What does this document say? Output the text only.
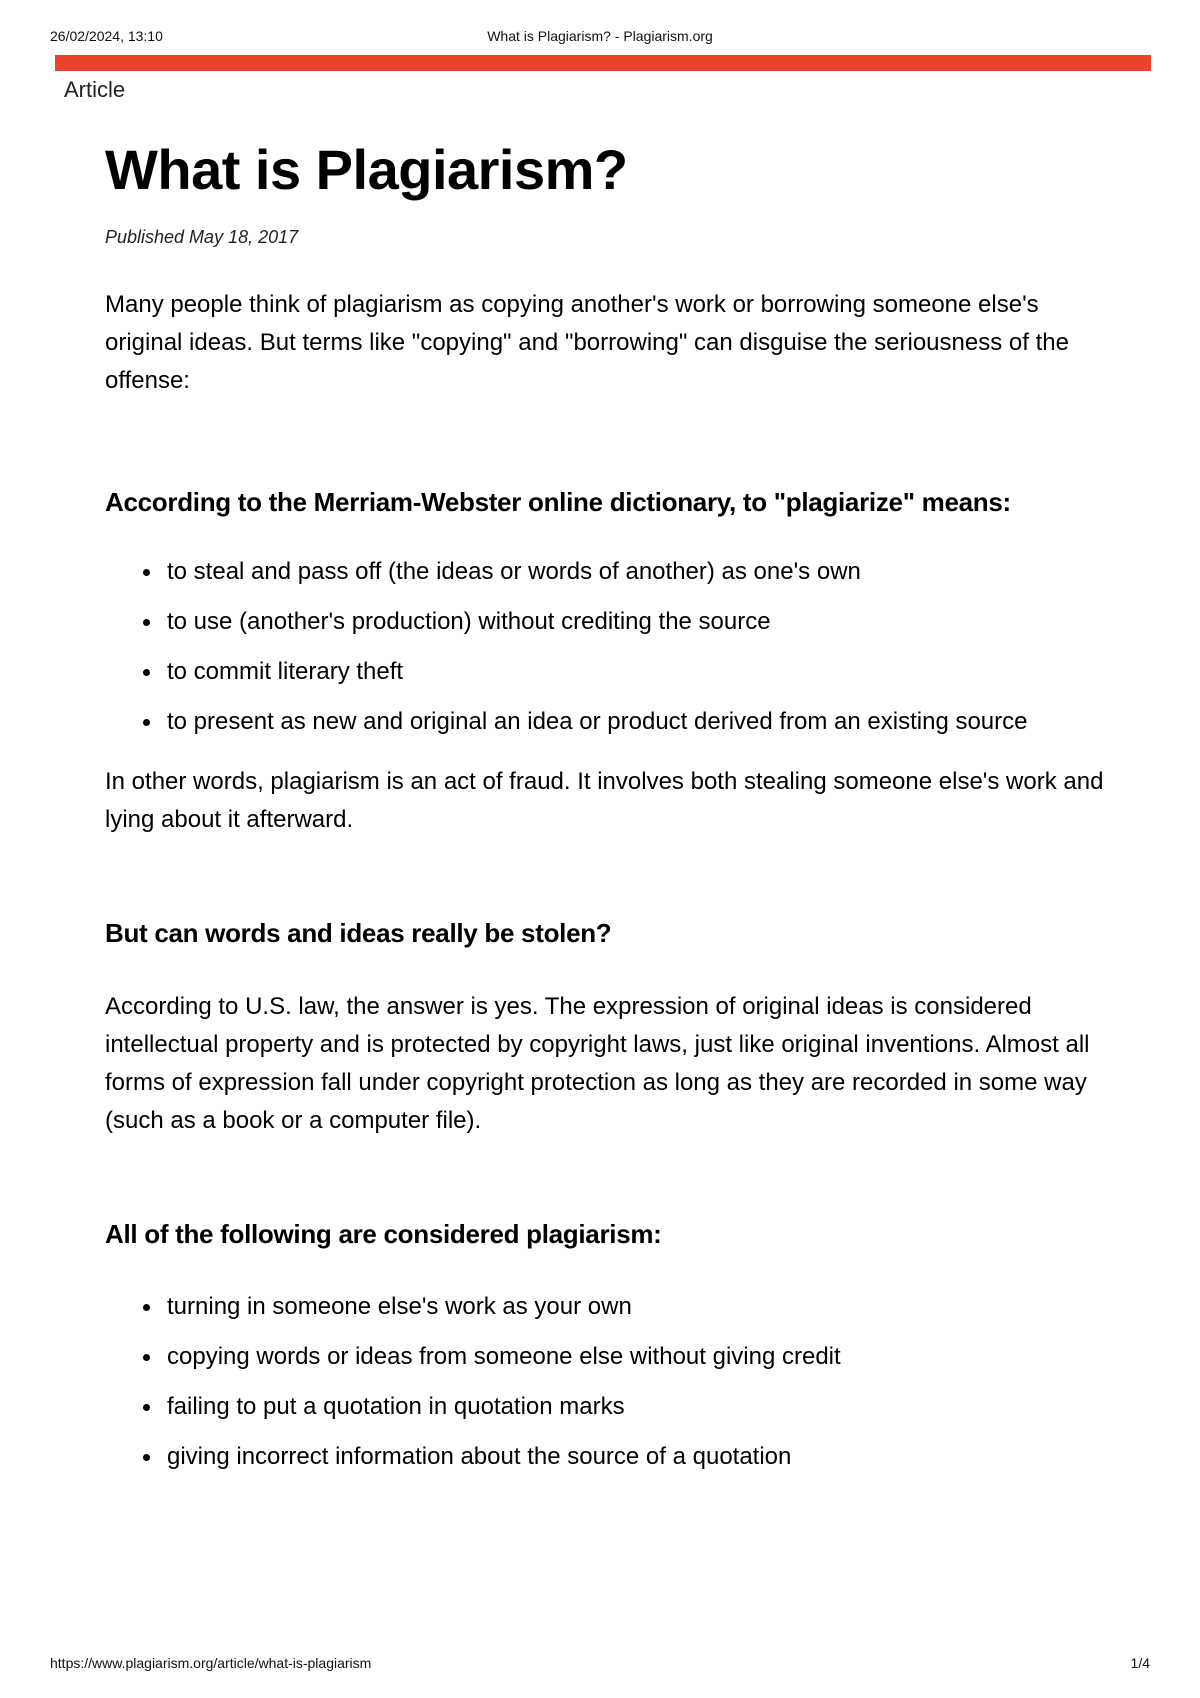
26/02/2024, 13:10	What is Plagiarism? - Plagiarism.org
Article
What is Plagiarism?
Published May 18, 2017

Many people think of plagiarism as copying another's work or borrowing someone else's original ideas. But terms like "copying" and "borrowing" can disguise the seriousness of the offense:

According to the Merriam-Webster online dictionary, to "plagiarize" means:
to steal and pass off (the ideas or words of another) as one's own
to use (another's production) without crediting the source
to commit literary theft
to present as new and original an idea or product derived from an existing source

In other words, plagiarism is an act of fraud. It involves both stealing someone else's work and lying about it afterward.

But can words and ideas really be stolen?

According to U.S. law, the answer is yes. The expression of original ideas is considered intellectual property and is protected by copyright laws, just like original inventions. Almost all forms of expression fall under copyright protection as long as they are recorded in some way (such as a book or a computer file).

All of the following are considered plagiarism:
turning in someone else's work as your own
copying words or ideas from someone else without giving credit
failing to put a quotation in quotation marks
giving incorrect information about the source of a quotation
https://www.plagiarism.org/article/what-is-plagiarism	1/4
